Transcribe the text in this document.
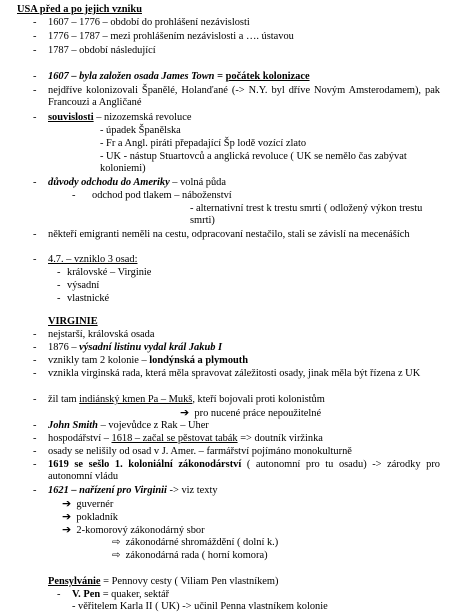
USA před a po jejich vzniku
- 1607 – 1776 – období do prohlášení nezávislosti
- 1776 – 1787 – mezi prohlášením nezávislosti a …. ústavou
- 1787 – období následující
- 1607 – byla založen osada James Town = počátek kolonizace
- nejdříve kolonizovali Španělé, Holanďané (-> N.Y. byl dříve Novým Amsterodamem), pak Francouzi a Angličané
- souvislosti – nizozemská revoluce
- úpadek Španělska
- Fr a Angl. piráti přepadající Šp lodě vozící zlato
- UK - nástup Stuartovců a anglická revoluce ( UK se nemělo čas zabývat koloniemi)
- důvody odchodu do Ameriky – volná půda
- odchod pod tlakem – náboženství
- alternativní trest k trestu smrti ( odložený výkon trestu smrti)
- někteří emigranti neměli na cestu, odpracovaní nestačilo, stali se závislí na mecenáších
- 4.7. – vzniklo 3 osad:
- královské – Virginie
- výsadní
- vlastnické
VIRGINIE
- nejstarší, královská osada
- 1876 – výsadní listinu vydal král Jakub I
- vznikly tam 2 kolonie – londýnská a plymouth
- vznikla virginská rada, která měla spravovat záležitosti osady, jinak měla být řízena z UK
- žil tam indiánský kmen Pa – Mukš, kteří bojovali proti kolonistům
➔ pro nucené práce nepoužitelné
- John Smith – vojevůdce z Rak – Uher
- hospodářství – 1618 – začal se pěstovat tabák => doutník viržinka
- osady se nelišily od osad v J. Amer. – farmářství pojímáno monokulturně
- 1619 se sešlo 1. koloniální zákonodárství ( autonomní pro tu osadu) -> zárodky pro autonomní vládu
- 1621 – nařízení pro Virginii -> viz texty
➔ guvernér
➔ pokladník
➔ 2-komorový zákonodárný sbor
⇨ zákonodárné shromáždění ( dolní k.)
⇨ zákonodárná rada ( horní komora)
Pensylvánie = Pennovy cesty ( Viliam Pen vlastníkem)
- V. Pen = quaker, sektář
- věřitelem Karla II ( UK) -> učinil Penna vlastníkem kolonie
